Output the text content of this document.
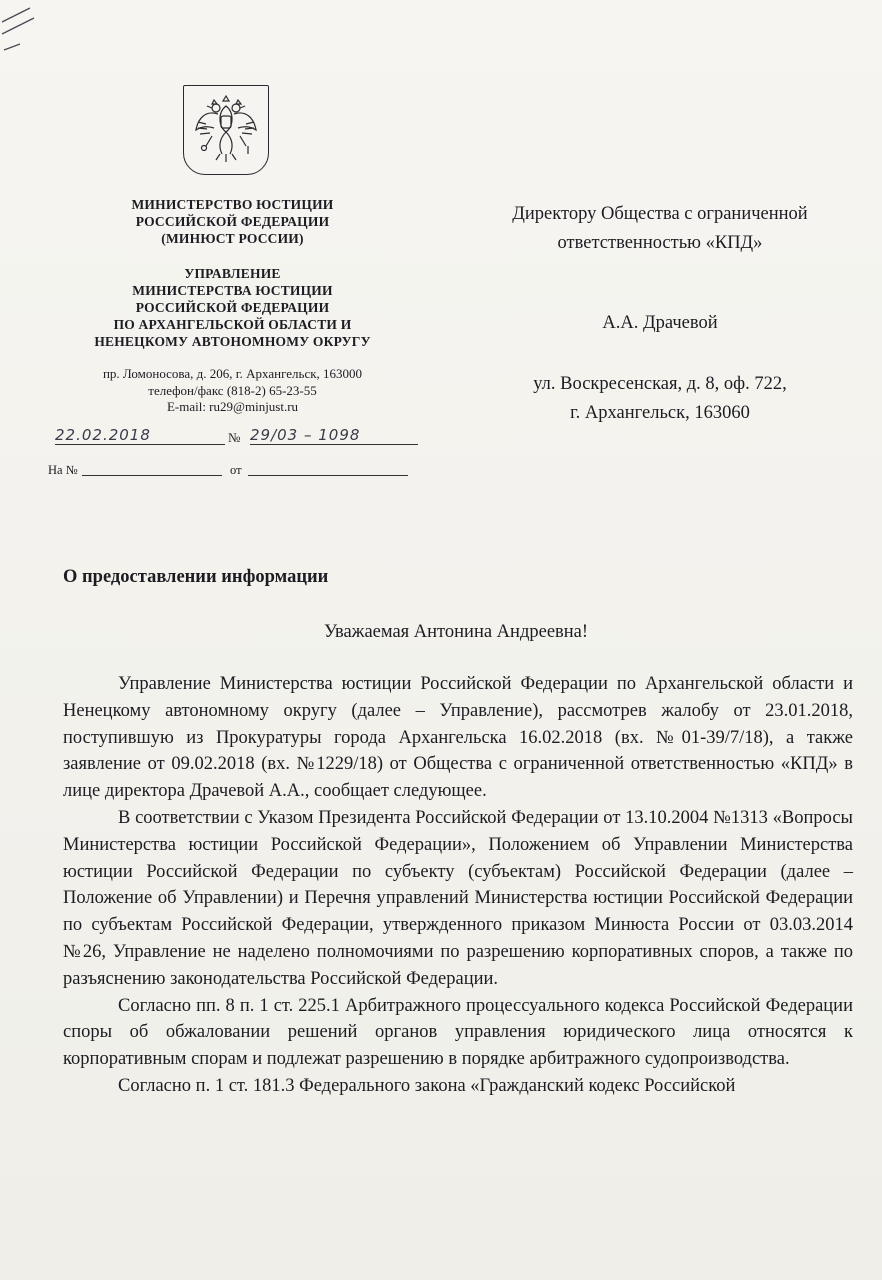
МИНИСТЕРСТВО ЮСТИЦИИ
РОССИЙСКОЙ ФЕДЕРАЦИИ
(МИНЮСТ РОССИИ)
УПРАВЛЕНИЕ
МИНИСТЕРСТВА ЮСТИЦИИ
РОССИЙСКОЙ ФЕДЕРАЦИИ
ПО АРХАНГЕЛЬСКОЙ ОБЛАСТИ И
НЕНЕЦКОМУ АВТОНОМНОМУ ОКРУГУ
пр. Ломоносова, д. 206, г. Архангельск, 163000
телефон/факс (818-2) 65-23-55
E-mail: ru29@minjust.ru
22.02.2018	№ 29/03 – 1098
На №	от
Директору Общества с ограниченной
ответственностью «КПД»
А.А. Драчевой
ул. Воскресенская, д. 8, оф. 722,
г. Архангельск, 163060
О предоставлении информации
Уважаемая Антонина Андреевна!

Управление Министерства юстиции Российской Федерации по Архангельской области и Ненецкому автономному округу (далее – Управление), рассмотрев жалобу от 23.01.2018, поступившую из Прокуратуры города Архангельска 16.02.2018 (вх. №01-39/7/18), а также заявление от 09.02.2018 (вх. №1229/18) от Общества с ограниченной ответственностью «КПД» в лице директора Драчевой А.А., сообщает следующее.

В соответствии с Указом Президента Российской Федерации от 13.10.2004 №1313 «Вопросы Министерства юстиции Российской Федерации», Положением об Управлении Министерства юстиции Российской Федерации по субъекту (субъектам) Российской Федерации (далее – Положение об Управлении) и Перечня управлений Министерства юстиции Российской Федерации по субъектам Российской Федерации, утвержденного приказом Минюста России от 03.03.2014 №26, Управление не наделено полномочиями по разрешению корпоративных споров, а также по разъяснению законодательства Российской Федерации.

Согласно пп. 8 п. 1 ст. 225.1 Арбитражного процессуального кодекса Российской Федерации споры об обжаловании решений органов управления юридического лица относятся к корпоративным спорам и подлежат разрешению в порядке арбитражного судопроизводства.

Согласно п. 1 ст. 181.3 Федерального закона «Гражданский кодекс Российской
